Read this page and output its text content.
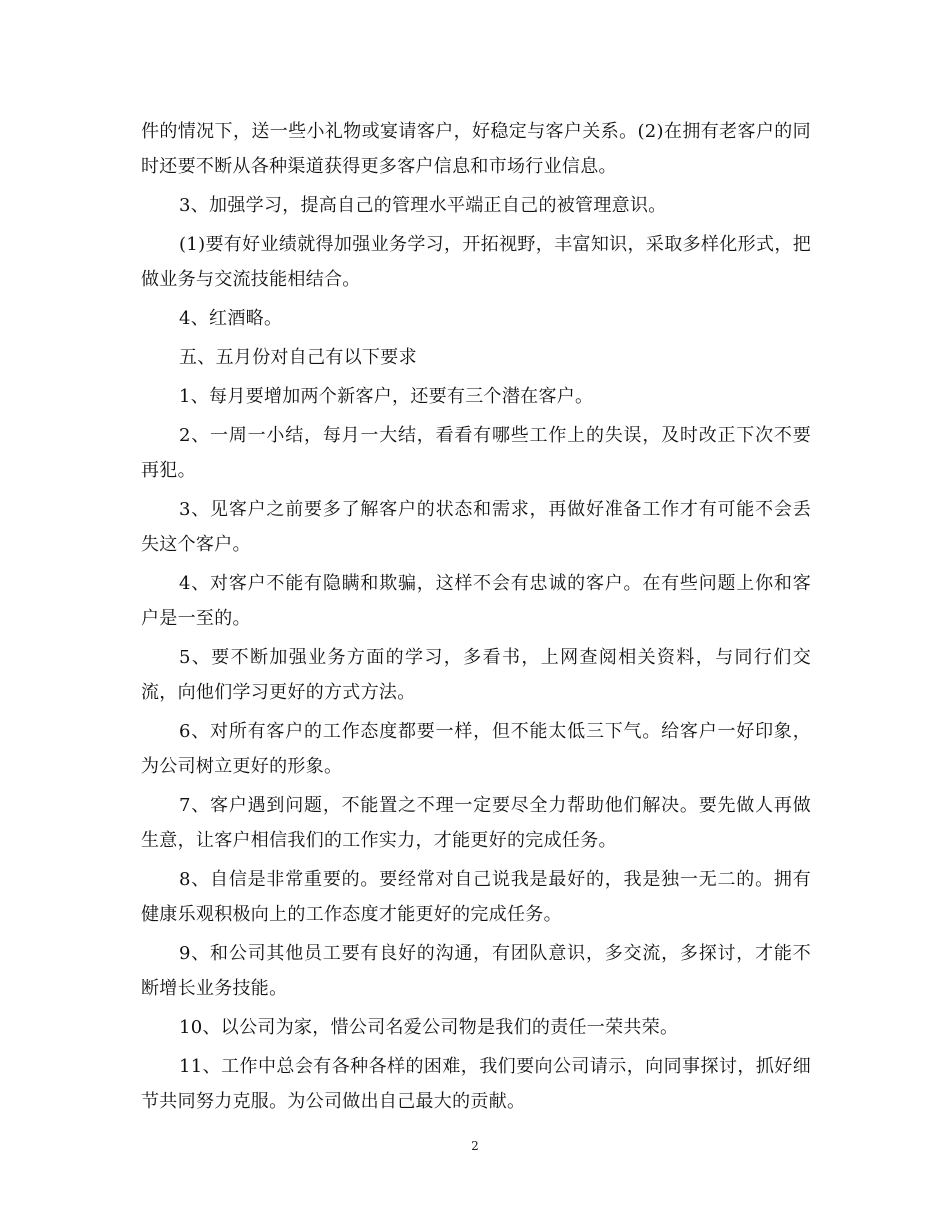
件的情况下，送一些小礼物或宴请客户，好稳定与客户关系。(2)在拥有老客户的同时还要不断从各种渠道获得更多客户信息和市场行业信息。

3、加强学习，提高自己的管理水平端正自己的被管理意识。

(1)要有好业绩就得加强业务学习，开拓视野，丰富知识，采取多样化形式，把做业务与交流技能相结合。

4、红酒略。

五、五月份对自己有以下要求

1、每月要增加两个新客户，还要有三个潜在客户。

2、一周一小结，每月一大结，看看有哪些工作上的失误，及时改正下次不要再犯。

3、见客户之前要多了解客户的状态和需求，再做好准备工作才有可能不会丢失这个客户。

4、对客户不能有隐瞒和欺骗，这样不会有忠诚的客户。在有些问题上你和客户是一至的。

5、要不断加强业务方面的学习，多看书，上网查阅相关资料，与同行们交流，向他们学习更好的方式方法。

6、对所有客户的工作态度都要一样，但不能太低三下气。给客户一好印象，为公司树立更好的形象。

7、客户遇到问题，不能置之不理一定要尽全力帮助他们解决。要先做人再做生意，让客户相信我们的工作实力，才能更好的完成任务。

8、自信是非常重要的。要经常对自己说我是最好的，我是独一无二的。拥有健康乐观积极向上的工作态度才能更好的完成任务。

9、和公司其他员工要有良好的沟通，有团队意识，多交流，多探讨，才能不断增长业务技能。

10、以公司为家，惜公司名爱公司物是我们的责任一荣共荣。

11、工作中总会有各种各样的困难，我们要向公司请示，向同事探讨，抓好细节共同努力克服。为公司做出自己最大的贡献。

2
